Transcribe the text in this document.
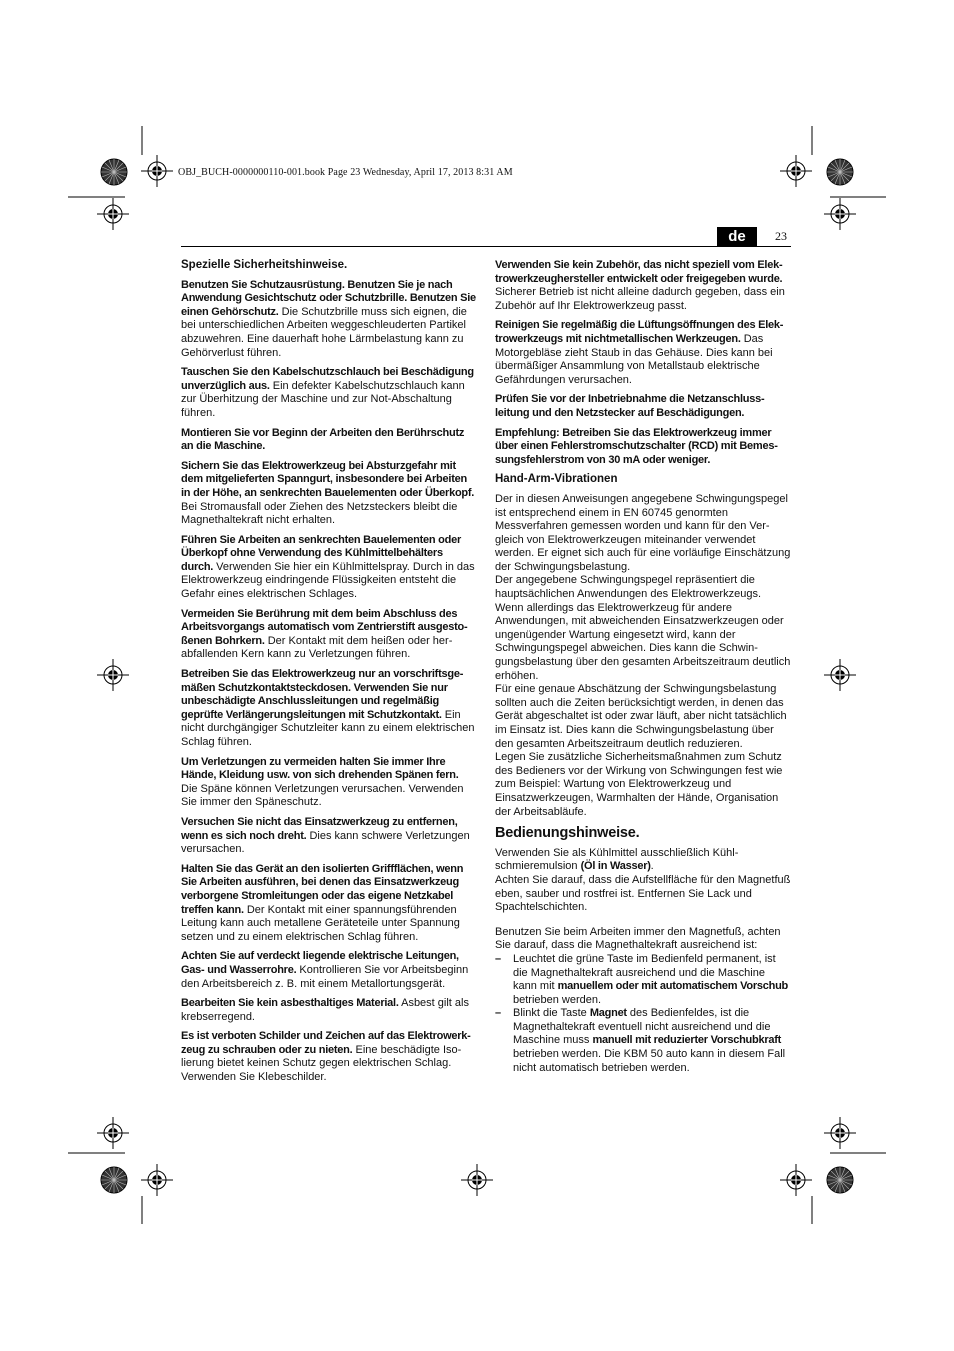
OBJ_BUCH-0000000110-001.book Page 23 Wednesday, April 17, 2013 8:31 AM
de	23

Spezielle Sicherheitshinweise.

Benutzen Sie Schutzausrüstung. Benutzen Sie je nach Anwendung Gesichtschutz oder Schutzbrille. Benutzen Sie einen Gehörschutz. Die Schutzbrille muss sich eignen, die bei unterschiedlichen Arbeiten weggeschleuderten Partikel abzuwehren. Eine dauerhaft hohe Lärmbelastung kann zu Gehörverlust führen.

Tauschen Sie den Kabelschutzschlauch bei Beschädigung unverzüglich aus. Ein defekter Kabelschutzschlauch kann zur Überhitzung der Maschine und zur Not-Abschaltung führen.

Montieren Sie vor Beginn der Arbeiten den Berührschutz an die Maschine.

Sichern Sie das Elektrowerkzeug bei Absturzgefahr mit dem mitgelieferten Spanngurt, insbesondere bei Arbeiten in der Höhe, an senkrechten Bauelementen oder Überkopf. Bei Stromausfall oder Ziehen des Netzsteckers bleibt die Magnethaltekraft nicht erhalten.

Führen Sie Arbeiten an senkrechten Bauelementen oder Überkopf ohne Verwendung des Kühlmittelbehälters durch. Verwenden Sie hier ein Kühlmittelspray. Durch in das Elektrowerkzeug eindringende Flüssigkeiten entsteht die Gefahr eines elektrischen Schlages.

Vermeiden Sie Berührung mit dem beim Abschluss des Arbeitsvorgangs automatisch vom Zentrierstift ausgestoßenen Bohrkern. Der Kontakt mit dem heißen oder herabfallenden Kern kann zu Verletzungen führen.

Betreiben Sie das Elektrowerkzeug nur an vorschriftsgemäßen Schutzkontaktsteckdosen. Verwenden Sie nur unbeschädigte Anschlussleitungen und regelmäßig geprüfte Verlängerungsleitungen mit Schutzkontakt. Ein nicht durchgängiger Schutzleiter kann zu einem elektrischen Schlag führen.

Um Verletzungen zu vermeiden halten Sie immer Ihre Hände, Kleidung usw. von sich drehenden Spänen fern. Die Späne können Verletzungen verursachen. Verwenden Sie immer den Späneschutz.

Versuchen Sie nicht das Einsatzwerkzeug zu entfernen, wenn es sich noch dreht. Dies kann schwere Verletzungen verursachen.

Halten Sie das Gerät an den isolierten Griffflächen, wenn Sie Arbeiten ausführen, bei denen das Einsatzwerkzeug verborgene Stromleitungen oder das eigene Netzkabel treffen kann. Der Kontakt mit einer spannungsführenden Leitung kann auch metallene Geräteteile unter Spannung setzen und zu einem elektrischen Schlag führen.

Achten Sie auf verdeckt liegende elektrische Leitungen, Gas- und Wasserrohre. Kontrollieren Sie vor Arbeitsbeginn den Arbeitsbereich z. B. mit einem Metallortungsgerät.

Bearbeiten Sie kein asbesthaltiges Material. Asbest gilt als krebserregend.

Es ist verboten Schilder und Zeichen auf das Elektrowerkzeug zu schrauben oder zu nieten. Eine beschädigte Isolierung bietet keinen Schutz gegen elektrischen Schlag. Verwenden Sie Klebeschilder.

Verwenden Sie kein Zubehör, das nicht speziell vom Elektrowerkzeughersteller entwickelt oder freigegeben wurde. Sicherer Betrieb ist nicht alleine dadurch gegeben, dass ein Zubehör auf Ihr Elektrowerkzeug passt.

Reinigen Sie regelmäßig die Lüftungsöffnungen des Elektrowerkzeugs mit nichtmetallischen Werkzeugen. Das Motorgebläse zieht Staub in das Gehäuse. Dies kann bei übermäßiger Ansammlung von Metallstaub elektrische Gefährdungen verursachen.

Prüfen Sie vor der Inbetriebnahme die Netzanschlussleitung und den Netzstecker auf Beschädigungen.

Empfehlung: Betreiben Sie das Elektrowerkzeug immer über einen Fehlerstromschutzschalter (RCD) mit Bemessungsfehlerstrom von 30 mA oder weniger.

Hand-Arm-Vibrationen

Der in diesen Anweisungen angegebene Schwingungspegel ist entsprechend einem in EN 60745 genormten Messverfahren gemessen worden und kann für den Vergleich von Elektrowerkzeugen miteinander verwendet werden. Er eignet sich auch für eine vorläufige Einschätzung der Schwingungsbelastung.

Der angegebene Schwingungspegel repräsentiert die hauptsächlichen Anwendungen des Elektrowerkzeugs. Wenn allerdings das Elektrowerkzeug für andere Anwendungen, mit abweichenden Einsatzwerkzeugen oder ungenügender Wartung eingesetzt wird, kann der Schwingungspegel abweichen. Dies kann die Schwingungsbelastung über den gesamten Arbeitszeitraum deutlich erhöhen.

Für eine genaue Abschätzung der Schwingungsbelastung sollten auch die Zeiten berücksichtigt werden, in denen das Gerät abgeschaltet ist oder zwar läuft, aber nicht tatsächlich im Einsatz ist. Dies kann die Schwingungsbelastung über den gesamten Arbeitszeitraum deutlich reduzieren.

Legen Sie zusätzliche Sicherheitsmaßnahmen zum Schutz des Bedieners vor der Wirkung von Schwingungen fest wie zum Beispiel: Wartung von Elektrowerkzeug und Einsatzwerkzeugen, Warmhalten der Hände, Organisation der Arbeitsabläufe.

Bedienungshinweise.

Verwenden Sie als Kühlmittel ausschließlich Kühlschmieremulsion (Öl in Wasser).

Achten Sie darauf, dass die Aufstellfläche für den Magnetfuß eben, sauber und rostfrei ist. Entfernen Sie Lack und Spachtelschichten.

Benutzen Sie beim Arbeiten immer den Magnetfuß, achten Sie darauf, dass die Magnethaltekraft ausreichend ist:

– Leuchtet die grüne Taste im Bedienfeld permanent, ist die Magnethaltekraft ausreichend und die Maschine kann mit manuellem oder mit automatischem Vorschub betrieben werden.
– Blinkt die Taste Magnet des Bedienfeldes, ist die Magnethaltekraft eventuell nicht ausreichend und die Maschine muss manuell mit reduzierter Vorschubkraft betrieben werden. Die KBM 50 auto kann in diesem Fall nicht automatisch betrieben werden.
